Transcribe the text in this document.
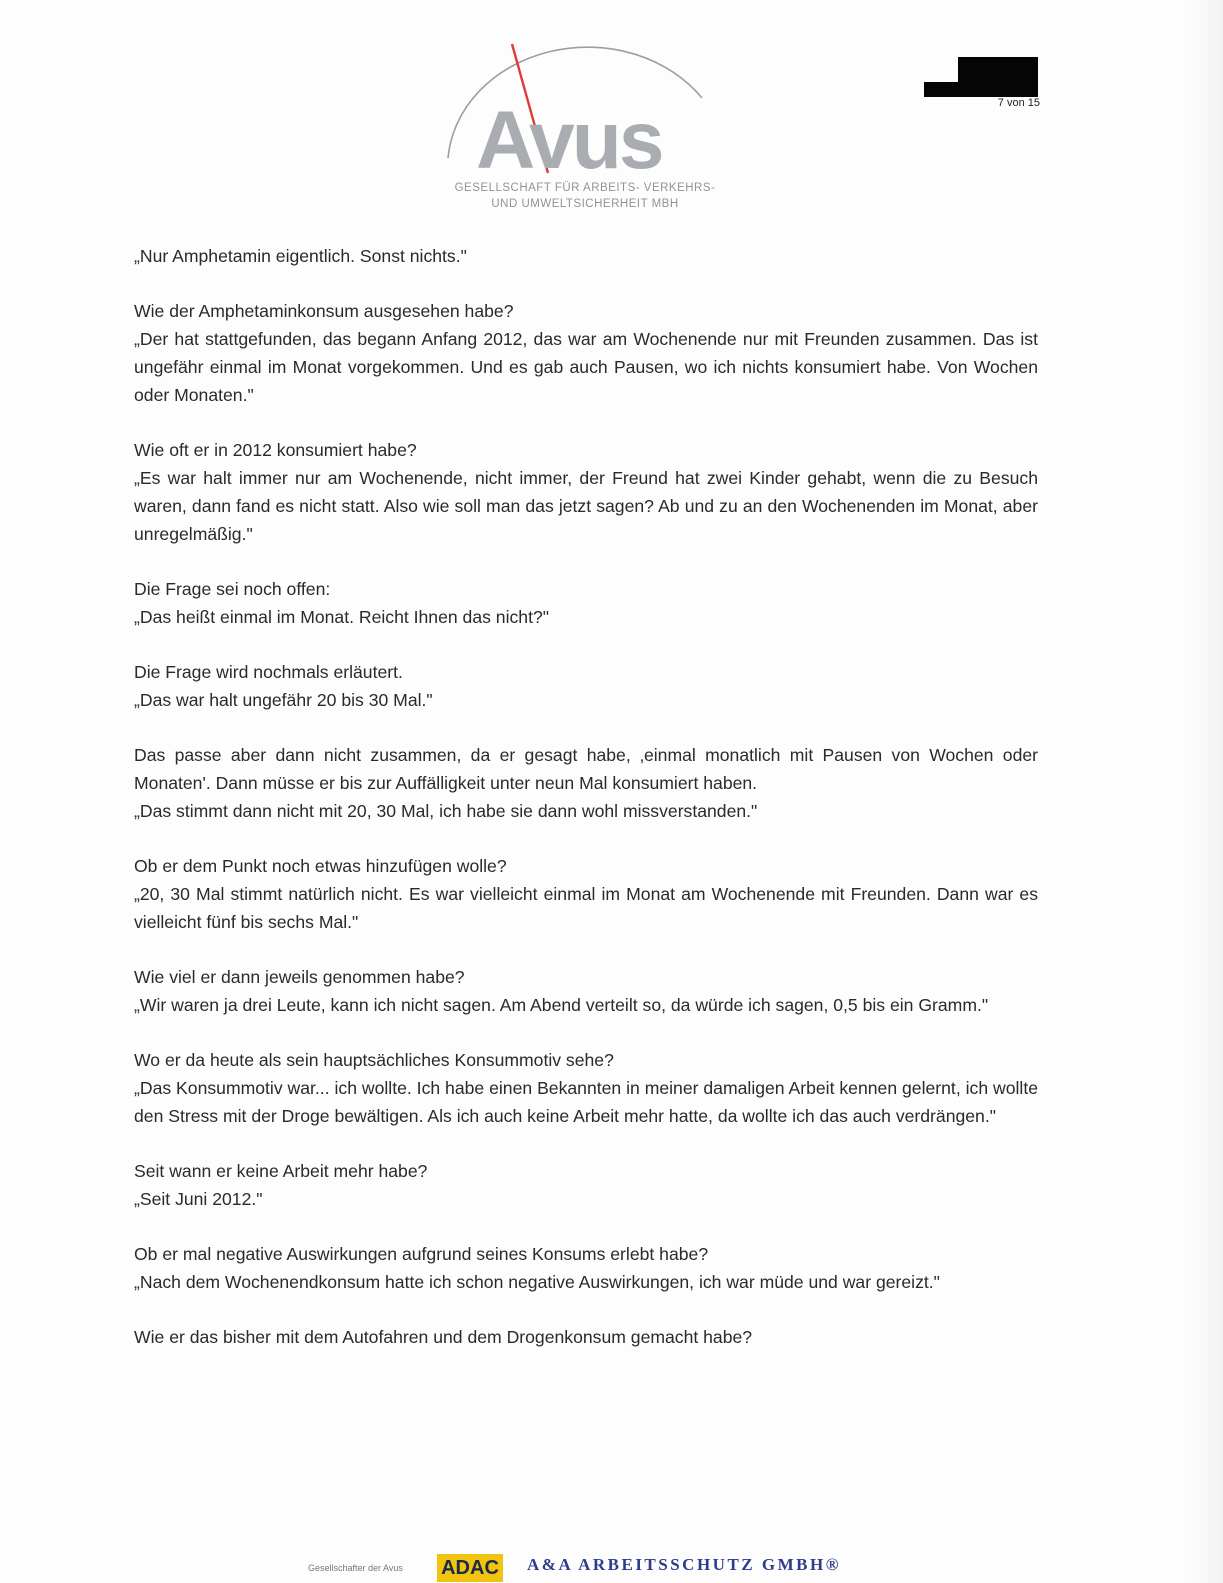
Avus
GESELLSCHAFT FÜR ARBEITS- VERKEHRS-
UND UMWELTSICHERHEIT MBH
7 von 15

„Nur Amphetamin eigentlich. Sonst nichts."

Wie der Amphetaminkonsum ausgesehen habe?

„Der hat stattgefunden, das begann Anfang 2012, das war am Wochenende nur mit Freunden zusammen. Das ist ungefähr einmal im Monat vorgekommen. Und es gab auch Pausen, wo ich nichts konsumiert habe. Von Wochen oder Monaten."

Wie oft er in 2012 konsumiert habe?

„Es war halt immer nur am Wochenende, nicht immer, der Freund hat zwei Kinder gehabt, wenn die zu Besuch waren, dann fand es nicht statt. Also wie soll man das jetzt sagen? Ab und zu an den Wochenenden im Monat, aber unregelmäßig."

Die Frage sei noch offen:

„Das heißt einmal im Monat. Reicht Ihnen das nicht?"

Die Frage wird nochmals erläutert.

„Das war halt ungefähr 20 bis 30 Mal."

Das passe aber dann nicht zusammen, da er gesagt habe, ‚einmal monatlich mit Pausen von Wochen oder Monaten'. Dann müsse er bis zur Auffälligkeit unter neun Mal konsumiert haben.

„Das stimmt dann nicht mit 20, 30 Mal, ich habe sie dann wohl missverstanden."

Ob er dem Punkt noch etwas hinzufügen wolle?

„20, 30 Mal stimmt natürlich nicht. Es war vielleicht einmal im Monat am Wochenende mit Freunden. Dann war es vielleicht fünf bis sechs Mal."

Wie viel er dann jeweils genommen habe?

„Wir waren ja drei Leute, kann ich nicht sagen. Am Abend verteilt so, da würde ich sagen, 0,5 bis ein Gramm."

Wo er da heute als sein hauptsächliches Konsummotiv sehe?

„Das Konsummotiv war... ich wollte. Ich habe einen Bekannten in meiner damaligen Arbeit kennen gelernt, ich wollte den Stress mit der Droge bewältigen. Als ich auch keine Arbeit mehr hatte, da wollte ich das auch verdrängen."

Seit wann er keine Arbeit mehr habe?

„Seit Juni 2012."

Ob er mal negative Auswirkungen aufgrund seines Konsums erlebt habe?

„Nach dem Wochenendkonsum hatte ich schon negative Auswirkungen, ich war müde und war gereizt."

Wie er das bisher mit dem Autofahren und dem Drogenkonsum gemacht habe?

Gesellschafter der Avus ADAC A&A ARBEITSSCHUTZ GMBH®
